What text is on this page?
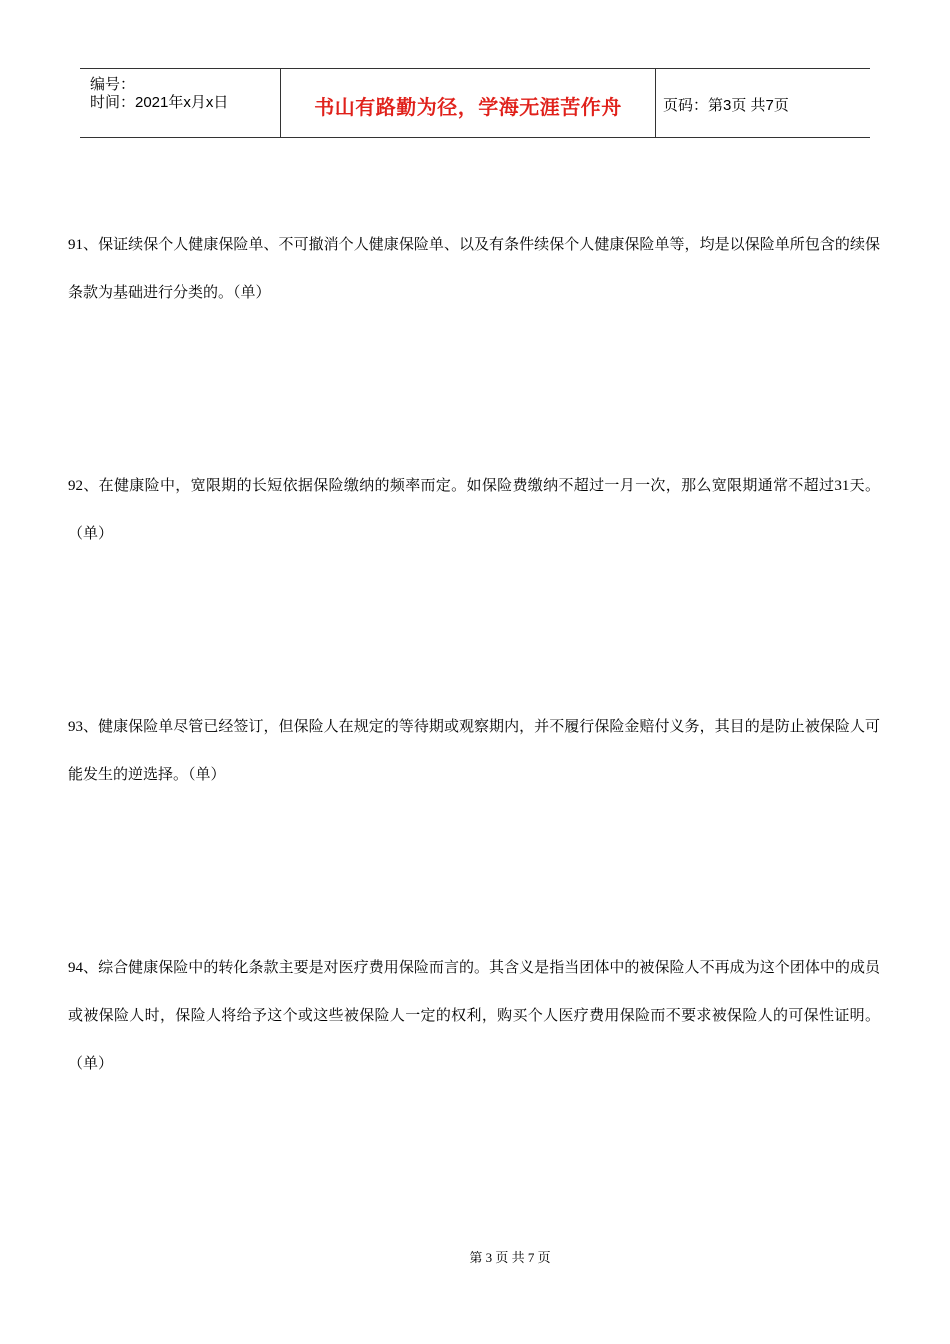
编号：
时间：2021年x月x日	书山有路勤为径，学海无涯苦作舟	页码：第3页 共7页

91、保证续保个人健康保险单、不可撤消个人健康保险单、以及有条件续保个人健康保险单等，均是以保险单所包含的续保条款为基础进行分类的。（单）

92、在健康险中，宽限期的长短依据保险缴纳的频率而定。如保险费缴纳不超过一月一次，那么宽限期通常不超过31天。（单）

93、健康保险单尽管已经签订，但保险人在规定的等待期或观察期内，并不履行保险金赔付义务，其目的是防止被保险人可能发生的逆选择。（单）

94、综合健康保险中的转化条款主要是对医疗费用保险而言的。其含义是指当团体中的被保险人不再成为这个团体中的成员或被保险人时，保险人将给予这个或这些被保险人一定的权利，购买个人医疗费用保险而不要求被保险人的可保性证明。（单）

第 3 页 共 7 页
